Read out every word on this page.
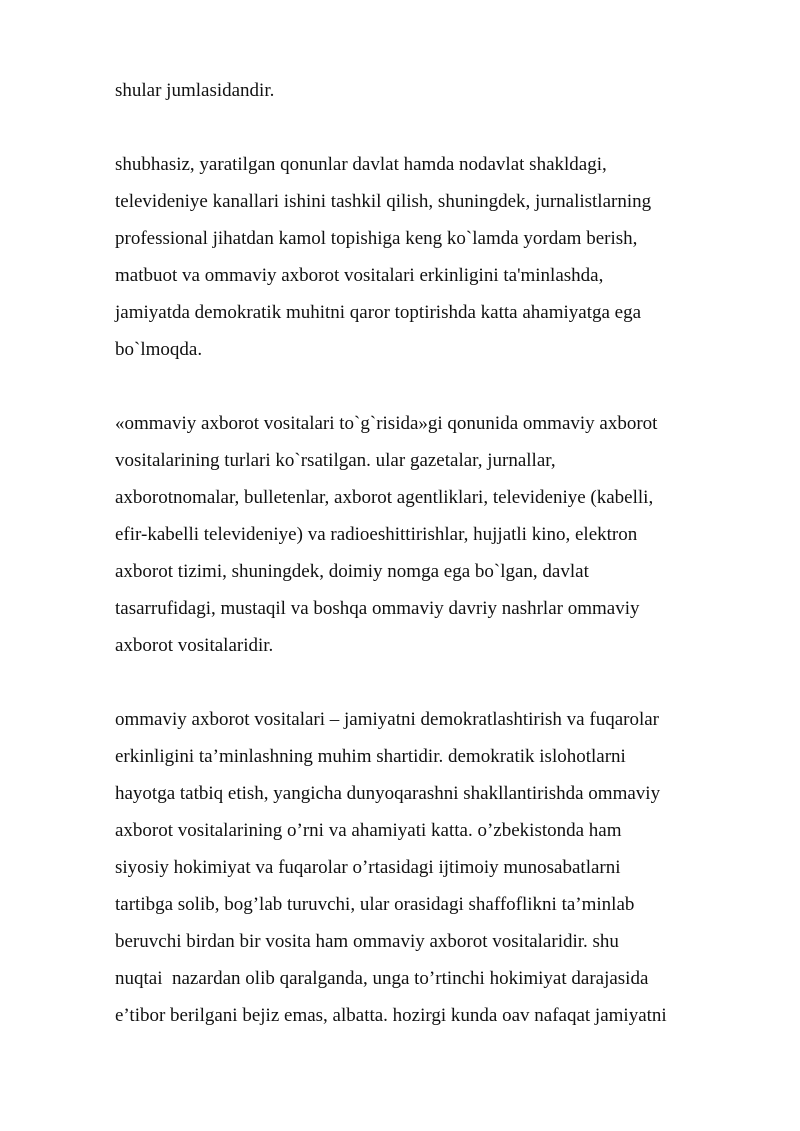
shular jumlasidandir.
shubhasiz, yaratilgan qonunlar davlat hamda nodavlat shakldagi,
televideniye kanallari ishini tashkil qilish, shuningdek, jurnalistlarning
professional jihatdan kamol topishiga keng ko`lamda yordam berish,
matbuot va ommaviy axborot vositalari erkinligini ta'minlashda,
jamiyatda demokratik muhitni qaror toptirishda katta ahamiyatga ega
bo`lmoqda.
«ommaviy axborot vositalari to`g`risida»gi qonunida ommaviy axborot
vositalarining turlari ko`rsatilgan. ular gazetalar, jurnallar,
axborotnomalar, bulletenlar, axborot agentliklari, televideniye (kabelli,
efir-kabelli televideniye) va radioeshittirishlar, hujjatli kino, elektron
axborot tizimi, shuningdek, doimiy nomga ega bo`lgan, davlat
tasarrufidagi, mustaqil va boshqa ommaviy davriy nashrlar ommaviy
axborot vositalaridir.
ommaviy axborot vositalari – jamiyatni demokratlashtirish va fuqarolar
erkinligini ta’minlashning muhim shartidir. demokratik islohotlarni
hayotga tatbiq etish, yangicha dunyoqarashni shakllantirishda ommaviy
axborot vositalarining o’rni va ahamiyati katta. o’zbekistonda ham
siyosiy hokimiyat va fuqarolar o’rtasidagi ijtimoiy munosabatlarni
tartibga solib, bog’lab turuvchi, ular orasidagi shaffoflikni ta’minlab
beruvchi birdan bir vosita ham ommaviy axborot vositalaridir. shu
nuqtai  nazardan olib qaralganda, unga to’rtinchi hokimiyat darajasida
e’tibor berilgani bejiz emas, albatta. hozirgi kunda oav nafaqat jamiyatni
